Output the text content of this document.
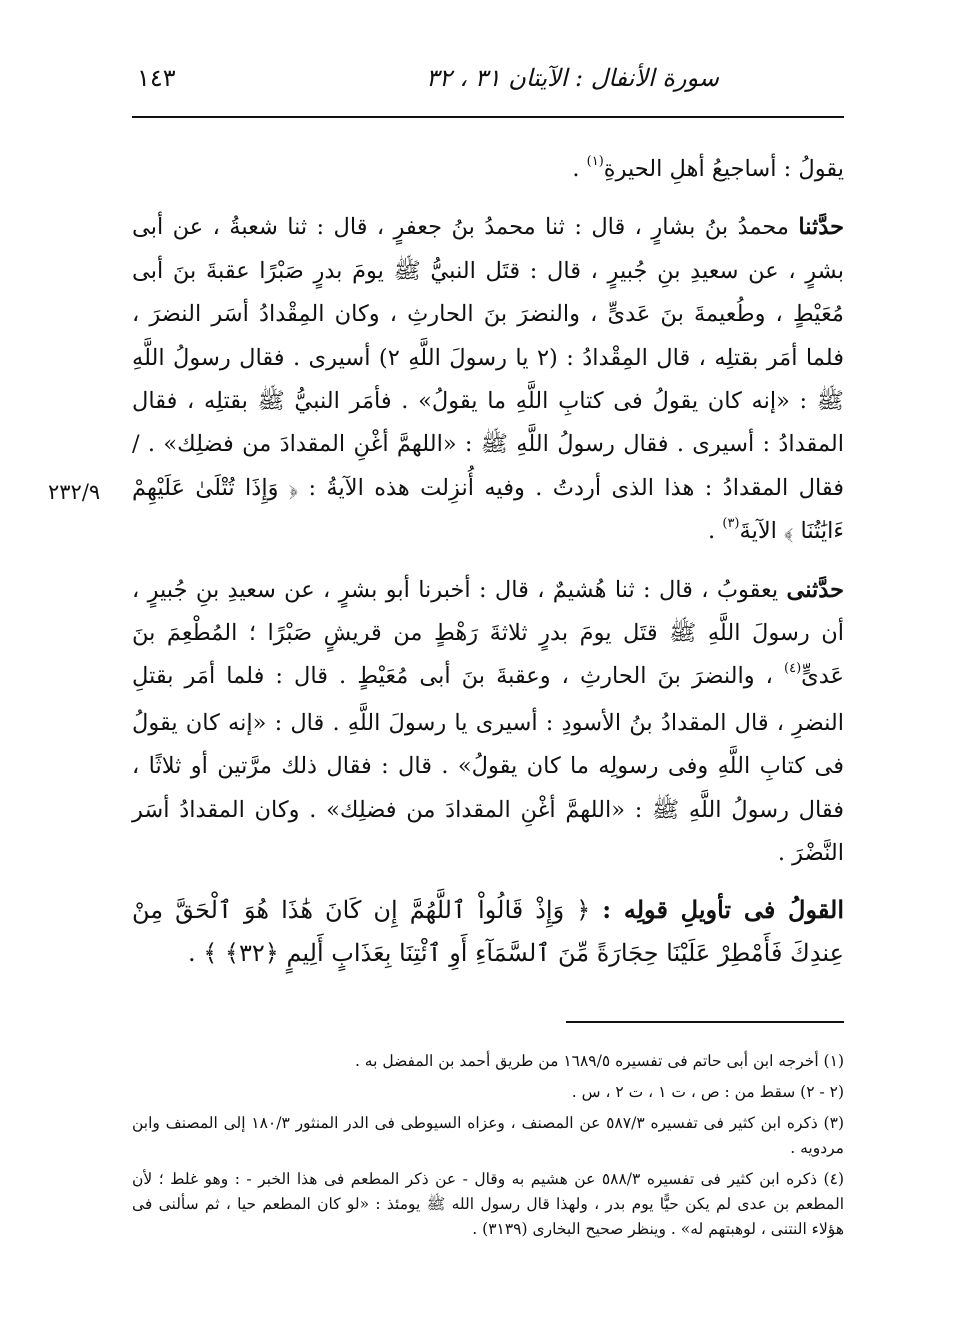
سورة الأنفال : الآيتان ٣١ ، ٣٢
١٤٣
٢٣٢/٩

يقولُ : أساجيعُ أهلِ الحيرةِ$^{(١)}$ .

حدَّثنا محمدُ بنُ بشارٍ ، قال : ثنا محمدُ بنُ جعفرٍ ، قال : ثنا شعبةُ ، عن أبى بشرٍ ، عن سعيدِ بنِ جُبيرٍ ، قال : قتَل النبيُّ ﷺ يومَ بدرٍ صَبْرًا عقبةَ بنَ أبى مُعَيْطٍ ، وطُعيمةَ بنَ عَدىٍّ ، والنضرَ بنَ الحارثِ ، وكان المِقْدادُ أسَر النضرَ ، فلما أمَر بقتلِه ، قال المِقْدادُ : (٢ يا رسولَ اللَّهِ ٢) أسيرى . فقال رسولُ اللَّهِ ﷺ : «إنه كان يقولُ فى كتابِ اللَّهِ ما يقولُ» . فأمَر النبيُّ ﷺ بقتلِه ، فقال المقدادُ : أسيرى . فقال رسولُ اللَّهِ ﷺ : «اللهمَّ أغْنِ المقدادَ من فضلِك» . / فقال المقدادُ : هذا الذى أردتُ . وفيه أُنزِلت هذه الآيةُ : ﴿ وَإِذَا تُتْلَىٰ عَلَيْهِمْ ءَايَٰتُنَا ﴾ الآيةَ$^{(٣)}$ .

حدَّثنى يعقوبُ ، قال : ثنا هُشيمٌ ، قال : أخبرنا أبو بشرٍ ، عن سعيدِ بنِ جُبيرٍ ، أن رسولَ اللَّهِ ﷺ قتَل يومَ بدرٍ ثلاثةَ رَهْطٍ من قريشٍ صَبْرًا ؛ المُطْعِمَ بنَ عَدىٍّ$^{(٤)}$ ، والنضرَ بنَ الحارثِ ، وعقبةَ بنَ أبى مُعَيْطٍ . قال : فلما أمَر بقتلِ النضرِ ، قال المقدادُ بنُ الأسودِ : أسيرى يا رسولَ اللَّهِ . قال : «إنه كان يقولُ فى كتابِ اللَّهِ وفى رسولِه ما كان يقولُ» . قال : فقال ذلك مرَّتين أو ثلاثًا ، فقال رسولُ اللَّهِ ﷺ : «اللهمَّ أغْنِ المقدادَ من فضلِك» . وكان المقدادُ أسَر النَّضْرَ .

القولُ فى تأويلِ قولِه : ﴿ وَإِذْ قَالُواْ ٱللَّهُمَّ إِن كَانَ هَٰذَا هُوَ ٱلْحَقَّ مِنْ عِندِكَ فَأَمْطِرْ عَلَيْنَا حِجَارَةً مِّنَ ٱلسَّمَآءِ أَوِ ٱئْتِنَا بِعَذَابٍ أَلِيمٍ ﴿٣٢﴾ ﴾ .

(١) أخرجه ابن أبى حاتم فى تفسيره ١٦٨٩/٥ من طريق أحمد بن المفضل به .

(٢ - ٢) سقط من : ص ، ت ١ ، ت ٢ ، س .

(٣) ذكره ابن كثير فى تفسيره ٥٨٧/٣ عن المصنف ، وعزاه السيوطى فى الدر المنثور ١٨٠/٣ إلى المصنف وابن مردويه .

(٤) ذكره ابن كثير فى تفسيره ٥٨٨/٣ عن هشيم به وقال - عن ذكر المطعم فى هذا الخبر - : وهو غلط ؛ لأن المطعم بن عدى لم يكن حيًّا يوم بدر ، ولهذا قال رسول الله ﷺ يومئذ : «لو كان المطعم حيا ، ثم سألنى فى هؤلاء النتنى ، لوهبتهم له» . وينظر صحيح البخارى (٣١٣٩) .
